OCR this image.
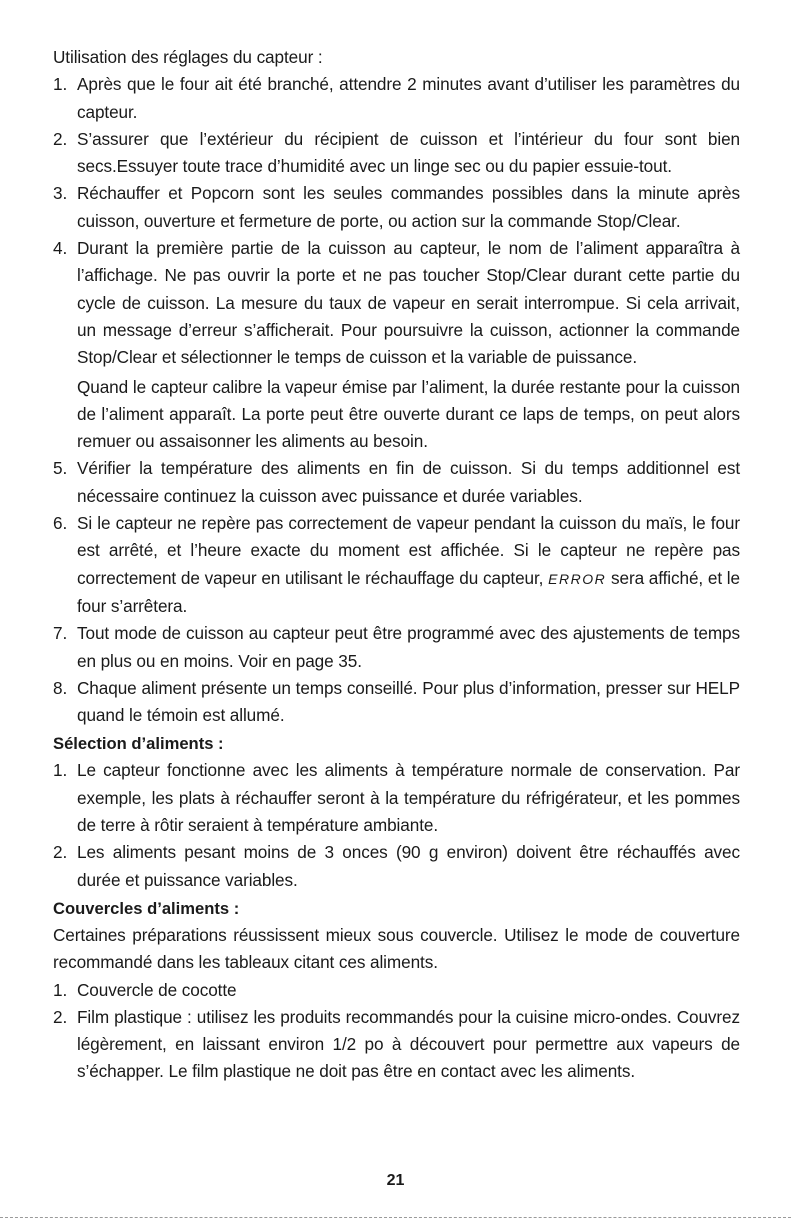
Utilisation des réglages du capteur :

1. Après que le four ait été branché, attendre 2 minutes avant d’utiliser les paramètres du capteur.
2. S’assurer que l’extérieur du récipient de cuisson et l’intérieur du four sont bien secs.Essuyer toute trace d’humidité avec un linge sec ou du papier essuie-tout.
3. Réchauffer et Popcorn sont les seules commandes possibles dans la minute après cuisson, ouverture et fermeture de porte, ou action sur la commande Stop/Clear.
4. Durant la première partie de la cuisson au capteur, le nom de l’aliment apparaîtra à l’affichage. Ne pas ouvrir la porte et ne pas toucher Stop/Clear durant cette partie du cycle de cuisson. La mesure du taux de vapeur en serait interrompue. Si cela arrivait, un message d’erreur s’afficherait. Pour poursuivre la cuisson, actionner la commande Stop/Clear et sélectionner le temps de cuisson et la variable de puissance.
Quand le capteur calibre la vapeur émise par l’aliment, la durée restante pour la cuisson de l’aliment apparaît. La porte peut être ouverte durant ce laps de temps, on peut alors remuer ou assaisonner les aliments au besoin.
5. Vérifier la température des aliments en fin de cuisson. Si du temps additionnel est nécessaire continuez la cuisson avec puissance et durée variables.
6. Si le capteur ne repère pas correctement de vapeur pendant la cuisson du maïs, le four est arrêté, et l’heure exacte du moment est affichée. Si le capteur ne repère pas correctement de vapeur en utilisant le réchauffage du capteur, ERROR sera affiché, et le four s’arrêtera.
7. Tout mode de cuisson au capteur peut être programmé avec des ajustements de temps en plus ou en moins. Voir en page 35.
8. Chaque aliment présente un temps conseillé. Pour plus d’information, presser sur HELP quand le témoin est allumé.

Sélection d’aliments :

1. Le capteur fonctionne avec les aliments à température normale de conservation. Par exemple, les plats à réchauffer seront à la température du réfrigérateur, et les pommes de terre à rôtir seraient à température ambiante.
2. Les aliments pesant moins de 3 onces (90 g environ) doivent être réchauffés avec durée et puissance variables.

Couvercles d’aliments :

Certaines préparations réussissent mieux sous couvercle. Utilisez le mode de couverture recommandé dans les tableaux citant ces aliments.

1. Couvercle de cocotte
2. Film plastique : utilisez les produits recommandés pour la cuisine micro-ondes. Couvrez légèrement, en laissant environ 1/2 po à découvert pour permettre aux vapeurs de s’échapper. Le film plastique ne doit pas être en contact avec les aliments.
21
